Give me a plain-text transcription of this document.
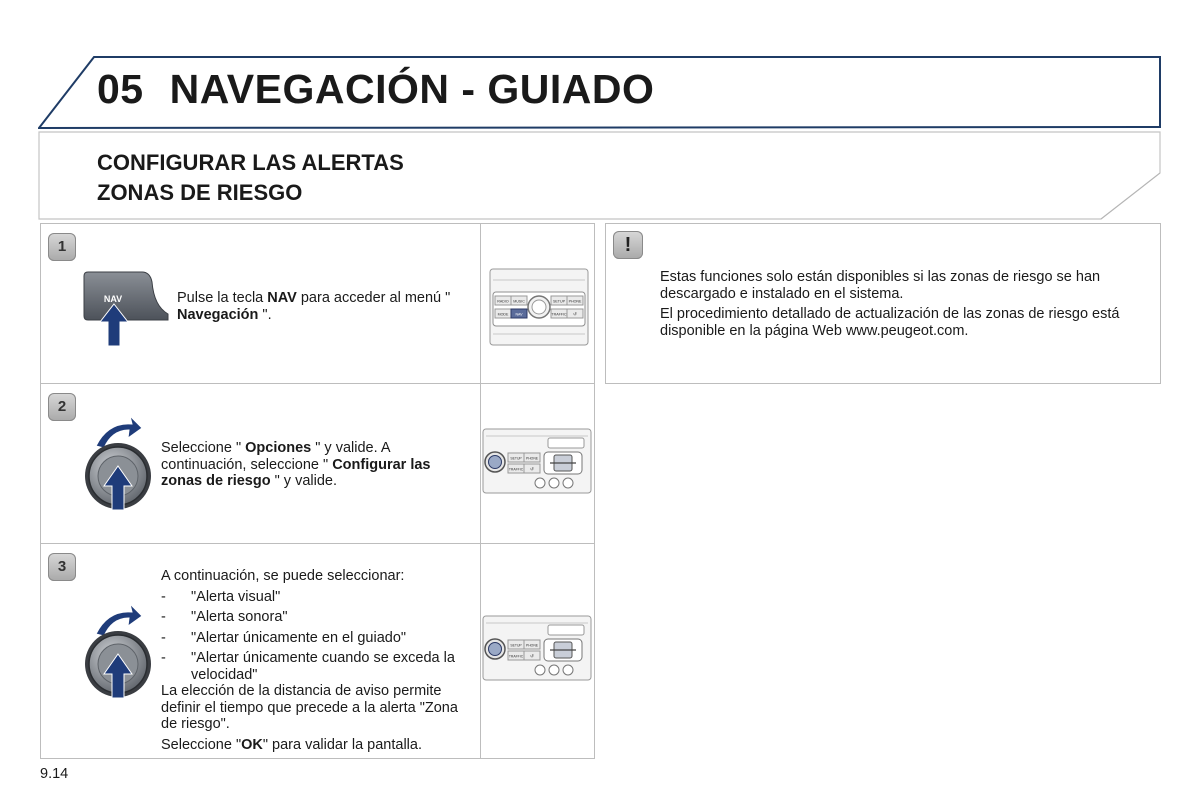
05 NAVEGACIÓN - GUIADO
CONFIGURAR LAS ALERTAS
ZONAS DE RIESGO
1
NAV	Pulse la tecla NAV para acceder al menú " Navegación ".
RADIO MUSIC	SETUP PHONE
MODE NAV	TRAFFIC ↺
2
Seleccione " Opciones " y valide. A continuación, seleccione " Configurar las zonas de riesgo " y valide.
SETUP PHONE
TRAFFIC ↺
3
A continuación, se puede seleccionar:
-	"Alerta visual"
-	"Alerta sonora"
-	"Alertar únicamente en el guiado"
-	"Alertar únicamente cuando se exceda la velocidad"
La elección de la distancia de aviso permite definir el tiempo que precede a la alerta "Zona de riesgo".
Seleccione "OK" para validar la pantalla.
SETUP PHONE
TRAFFIC ↺
!
Estas funciones solo están disponibles si las zonas de riesgo se han descargado e instalado en el sistema.
El procedimiento detallado de actualización de las zonas de riesgo está disponible en la página Web www.peugeot.com.
9.14
